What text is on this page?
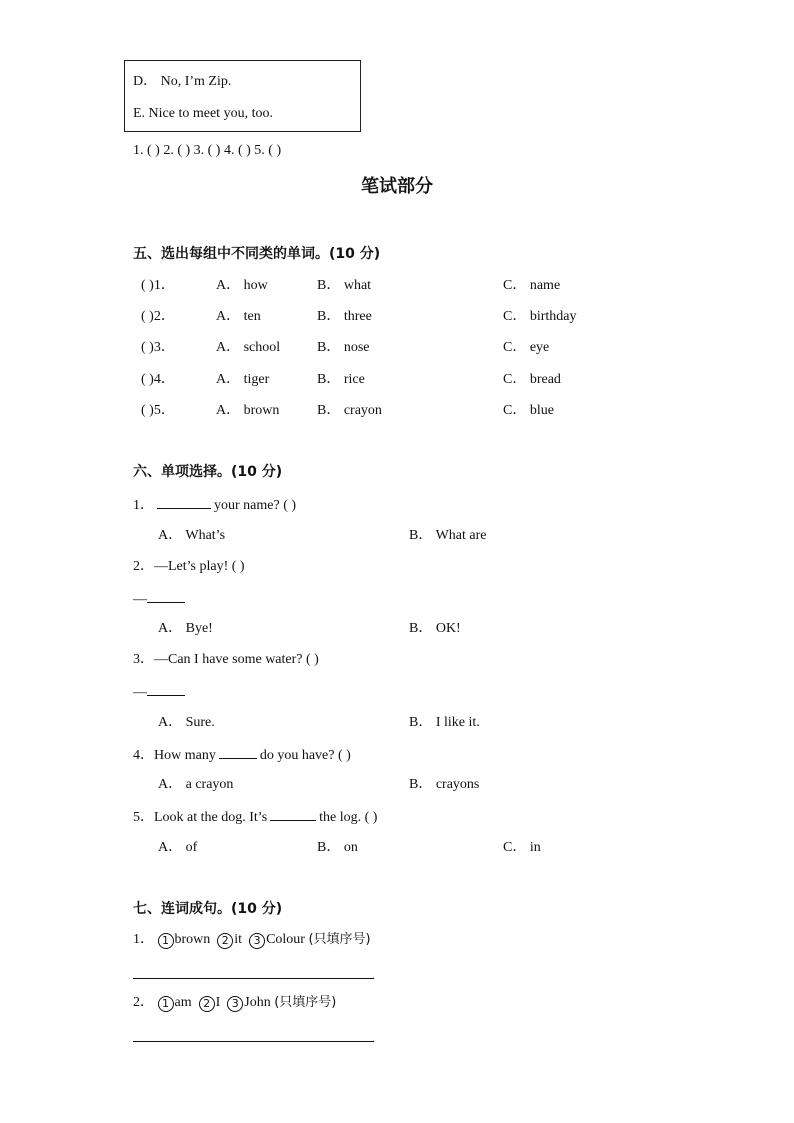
D． No, I’m Zip.
E. Nice to meet you, too.
1. ( ) 2. ( ) 3. ( ) 4. ( ) 5. ( )
笔试部分
五、选出每组中不同类的单词。(10 分)
( )1．	A． how	B． what	C． name
( )2．	A． ten	B． three	C． birthday
( )3．	A． school	B． nose	C． eye
( )4．	A． tiger	B． rice	C． bread
( )5．	A． brown	B． crayon	C． blue
六、单项选择。(10 分)
1．	your name? ( )
A． What’s	B． What are
2．—Let’s play! ( )
—
A． Bye!	B． OK!
3．—Can I have some water? ( )
—
A． Sure.	B． I like it.
4．How many	do you have? ( )
A． a crayon	B． crayons
5．Look at the dog. It’s	the log. ( )
A． of	B． on	C． in
七、连词成句。(10 分)
1． 1 brown 2 it 3 Colour (只填序号)
.
2． 1 am 2 I 3 John (只填序号)
.
